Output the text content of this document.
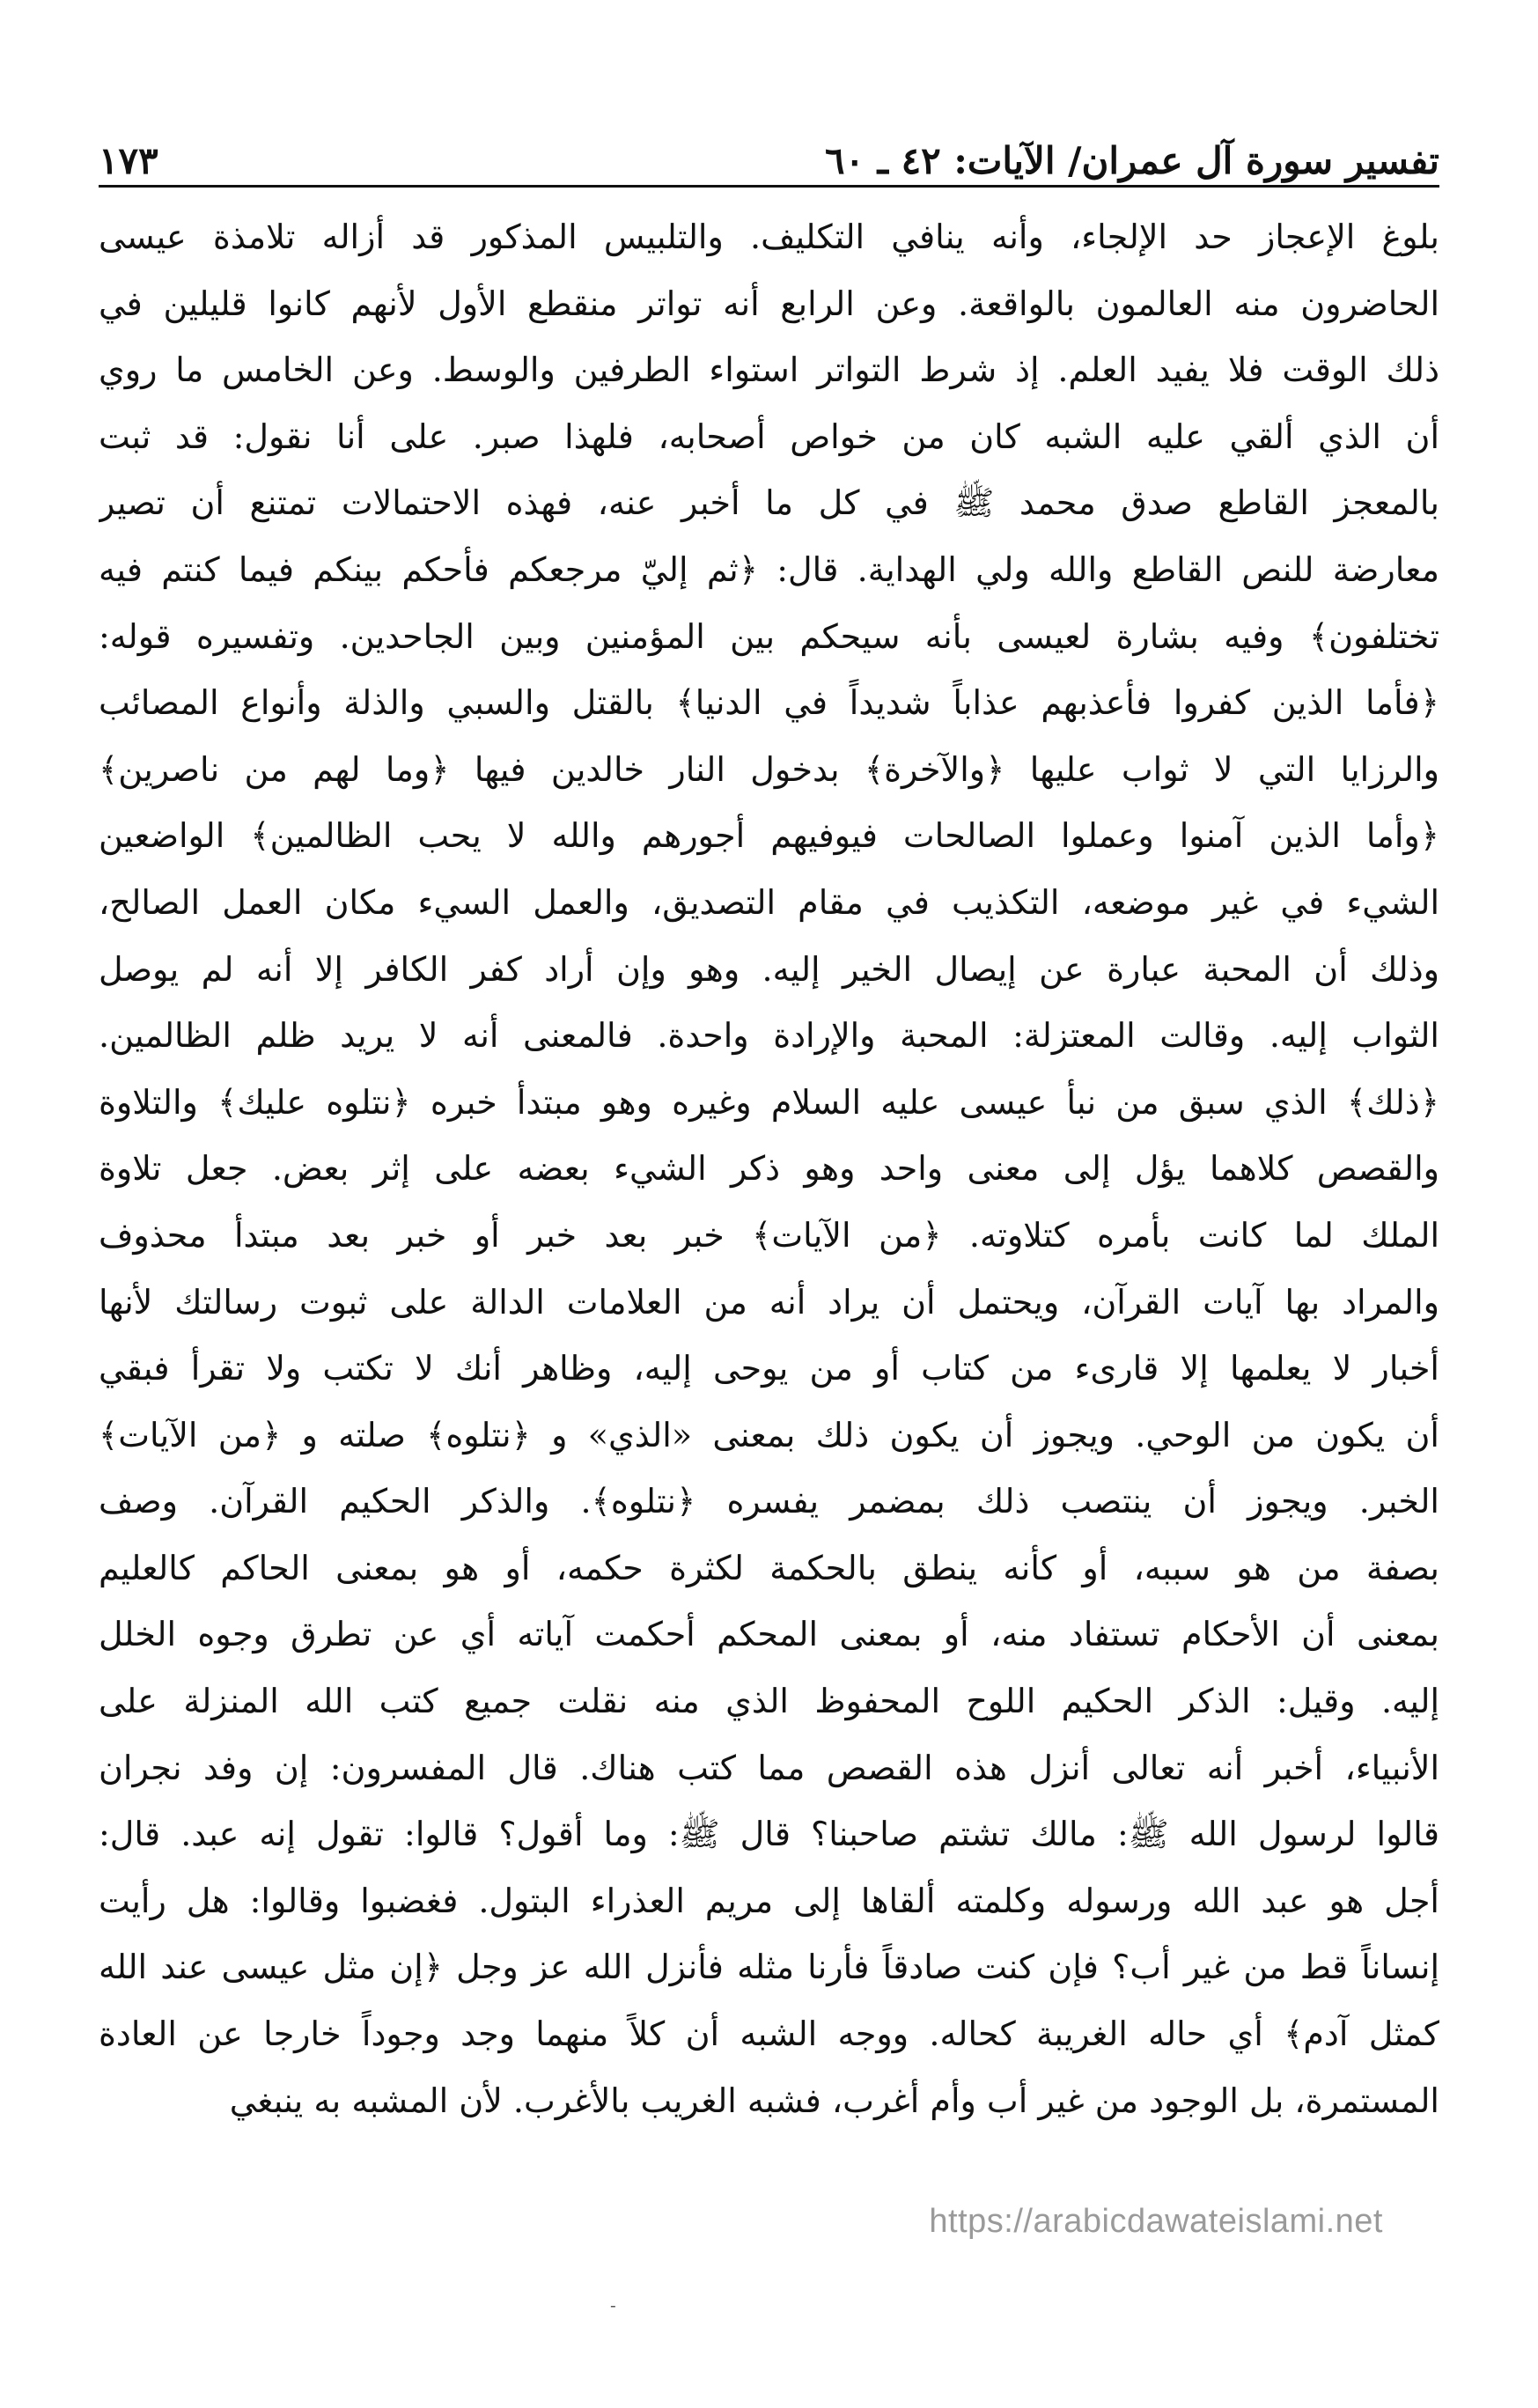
تفسير سورة آل عمران/ الآيات: ٤٢ ـ ٦٠
١٧٣
بلوغ الإعجاز حد الإلجاء، وأنه ينافي التكليف. والتلبيس المذكور قد أزاله تلامذة عيسى
الحاضرون منه العالمون بالواقعة. وعن الرابع أنه تواتر منقطع الأول لأنهم كانوا قليلين في
ذلك الوقت فلا يفيد العلم. إذ شرط التواتر استواء الطرفين والوسط. وعن الخامس ما روي
أن الذي ألقي عليه الشبه كان من خواص أصحابه، فلهذا صبر. على أنا نقول: قد ثبت
بالمعجز القاطع صدق محمد ﷺ في كل ما أخبر عنه، فهذه الاحتمالات تمتنع أن تصير
معارضة للنص القاطع والله ولي الهداية. قال: ﴿ثم إليّ مرجعكم فأحكم بينكم فيما كنتم فيه
تختلفون﴾ وفيه بشارة لعيسى بأنه سيحكم بين المؤمنين وبين الجاحدين. وتفسيره قوله:
﴿فأما الذين كفروا فأعذبهم عذاباً شديداً في الدنيا﴾ بالقتل والسبي والذلة وأنواع المصائب
والرزايا التي لا ثواب عليها ﴿والآخرة﴾ بدخول النار خالدين فيها ﴿وما لهم من ناصرين﴾
﴿وأما الذين آمنوا وعملوا الصالحات فيوفيهم أجورهم والله لا يحب الظالمين﴾ الواضعين
الشيء في غير موضعه، التكذيب في مقام التصديق، والعمل السيء مكان العمل الصالح،
وذلك أن المحبة عبارة عن إيصال الخير إليه. وهو وإن أراد كفر الكافر إلا أنه لم يوصل
الثواب إليه. وقالت المعتزلة: المحبة والإرادة واحدة. فالمعنى أنه لا يريد ظلم الظالمين.
﴿ذلك﴾ الذي سبق من نبأ عيسى عليه السلام وغيره وهو مبتدأ خبره ﴿نتلوه عليك﴾ والتلاوة
والقصص كلاهما يؤل إلى معنى واحد وهو ذكر الشيء بعضه على إثر بعض. جعل تلاوة
الملك لما كانت بأمره كتلاوته. ﴿من الآيات﴾ خبر بعد خبر أو خبر بعد مبتدأ محذوف
والمراد بها آيات القرآن، ويحتمل أن يراد أنه من العلامات الدالة على ثبوت رسالتك لأنها
أخبار لا يعلمها إلا قارىء من كتاب أو من يوحى إليه، وظاهر أنك لا تكتب ولا تقرأ فبقي
أن يكون من الوحي. ويجوز أن يكون ذلك بمعنى «الذي» و ﴿نتلوه﴾ صلته و ﴿من الآيات﴾
الخبر. ويجوز أن ينتصب ذلك بمضمر يفسره ﴿نتلوه﴾. والذكر الحكيم القرآن. وصف
بصفة من هو سببه، أو كأنه ينطق بالحكمة لكثرة حكمه، أو هو بمعنى الحاكم كالعليم
بمعنى أن الأحكام تستفاد منه، أو بمعنى المحكم أحكمت آياته أي عن تطرق وجوه الخلل
إليه. وقيل: الذكر الحكيم اللوح المحفوظ الذي منه نقلت جميع كتب الله المنزلة على
الأنبياء، أخبر أنه تعالى أنزل هذه القصص مما كتب هناك. قال المفسرون: إن وفد نجران
قالوا لرسول الله ﷺ: مالك تشتم صاحبنا؟ قال ﷺ: وما أقول؟ قالوا: تقول إنه عبد. قال:
أجل هو عبد الله ورسوله وكلمته ألقاها إلى مريم العذراء البتول. فغضبوا وقالوا: هل رأيت
إنساناً قط من غير أب؟ فإن كنت صادقاً فأرنا مثله فأنزل الله عز وجل ﴿إن مثل عيسى عند الله
كمثل آدم﴾ أي حاله الغريبة كحاله. ووجه الشبه أن كلاً منهما وجد وجوداً خارجا عن العادة
المستمرة، بل الوجود من غير أب وأم أغرب، فشبه الغريب بالأغرب. لأن المشبه به ينبغي
https://arabicdawateislami.net
-
